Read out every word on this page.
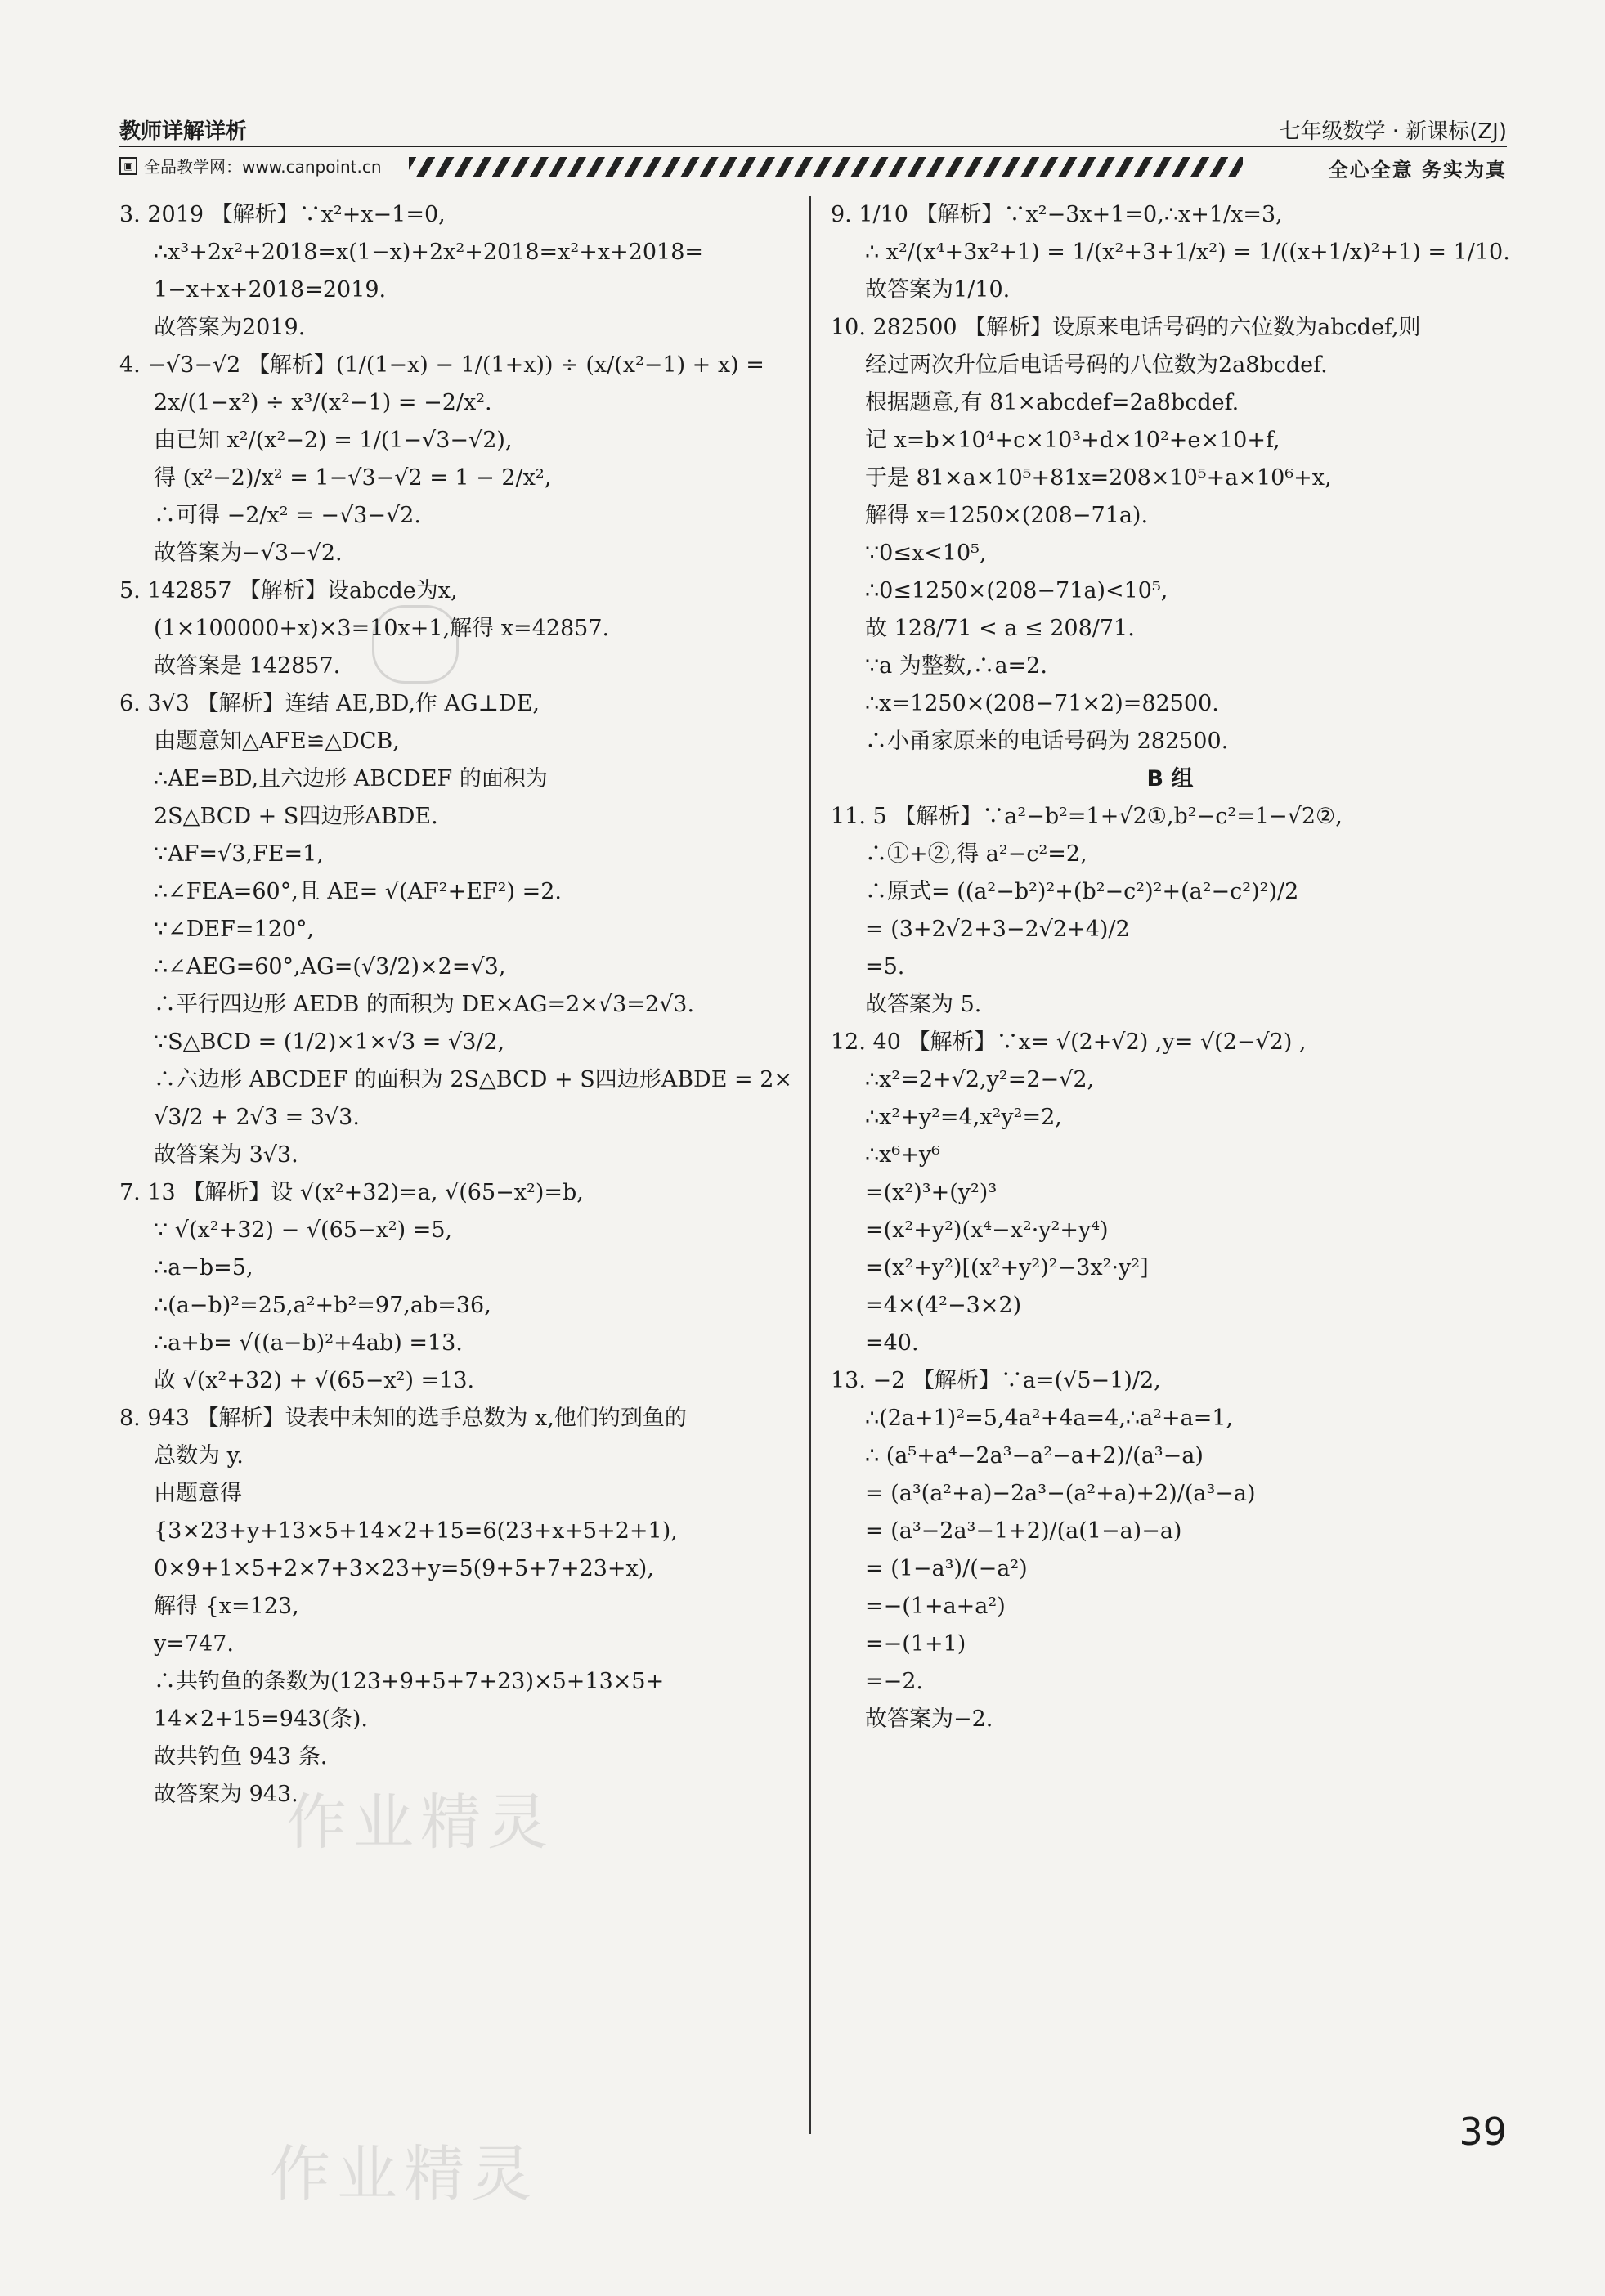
教师详解详析
▣ 全品教学网：www.canpoint.cn
七年级数学 · 新课标(ZJ)
全心全意 务实为真
3. 2019 【解析】∵x²+x−1=0,
∴x³+2x²+2018=x(1−x)+2x²+2018=x²+x+2018=
1−x+x+2018=2019.
故答案为2019.
4. −√3−√2 【解析】(1/(1−x) − 1/(1+x)) ÷ (x/(x²−1) + x) =
2x/(1−x²) ÷ x³/(x²−1) = −2/x².
由已知 x²/(x²−2) = 1/(1−√3−√2),
得 (x²−2)/x² = 1−√3−√2 = 1 − 2/x²,
∴可得 −2/x² = −√3−√2.
故答案为−√3−√2.
5. 142857 【解析】设abcde为x,
(1×100000+x)×3=10x+1,解得 x=42857.
故答案是 142857.
6. 3√3 【解析】连结 AE,BD,作 AG⊥DE,
由题意知△AFE≌△DCB,
∴AE=BD,且六边形 ABCDEF 的面积为
2S△BCD + S四边形ABDE.
∵AF=√3,FE=1,
∴∠FEA=60°,且 AE= √(AF²+EF²) =2.
∵∠DEF=120°,
∴∠AEG=60°,AG=(√3/2)×2=√3,
∴平行四边形 AEDB 的面积为 DE×AG=2×√3=2√3.
∵S△BCD = (1/2)×1×√3 = √3/2,
∴六边形 ABCDEF 的面积为 2S△BCD + S四边形ABDE = 2×
√3/2 + 2√3 = 3√3.
故答案为 3√3.
7. 13 【解析】设 √(x²+32)=a, √(65−x²)=b,
∵ √(x²+32) − √(65−x²) =5,
∴a−b=5,
∴(a−b)²=25,a²+b²=97,ab=36,
∴a+b= √((a−b)²+4ab) =13.
故 √(x²+32) + √(65−x²) =13.
8. 943 【解析】设表中未知的选手总数为 x,他们钓到鱼的
总数为 y.
由题意得
{3×23+y+13×5+14×2+15=6(23+x+5+2+1),
0×9+1×5+2×7+3×23+y=5(9+5+7+23+x),
解得 {x=123,
y=747.
∴共钓鱼的条数为(123+9+5+7+23)×5+13×5+
14×2+15=943(条).
故共钓鱼 943 条.
故答案为 943.
9. 1/10 【解析】∵x²−3x+1=0,∴x+1/x=3,
∴ x²/(x⁴+3x²+1) = 1/(x²+3+1/x²) = 1/((x+1/x)²+1) = 1/10.
故答案为1/10.
10. 282500 【解析】设原来电话号码的六位数为abcdef,则
经过两次升位后电话号码的八位数为2a8bcdef.
根据题意,有 81×abcdef=2a8bcdef.
记 x=b×10⁴+c×10³+d×10²+e×10+f,
于是 81×a×10⁵+81x=208×10⁵+a×10⁶+x,
解得 x=1250×(208−71a).
∵0≤x<10⁵,
∴0≤1250×(208−71a)<10⁵,
故 128/71 < a ≤ 208/71.
∵a 为整数,∴a=2.
∴x=1250×(208−71×2)=82500.
∴小甬家原来的电话号码为 282500.
B 组
11. 5 【解析】∵a²−b²=1+√2①,b²−c²=1−√2②,
∴①+②,得 a²−c²=2,
∴原式= ((a²−b²)²+(b²−c²)²+(a²−c²)²)/2
= (3+2√2+3−2√2+4)/2
=5.
故答案为 5.
12. 40 【解析】∵x= √(2+√2) ,y= √(2−√2) ,
∴x²=2+√2,y²=2−√2,
∴x²+y²=4,x²y²=2,
∴x⁶+y⁶
=(x²)³+(y²)³
=(x²+y²)(x⁴−x²·y²+y⁴)
=(x²+y²)[(x²+y²)²−3x²·y²]
=4×(4²−3×2)
=40.
13. −2 【解析】∵a=(√5−1)/2,
∴(2a+1)²=5,4a²+4a=4,∴a²+a=1,
∴ (a⁵+a⁴−2a³−a²−a+2)/(a³−a)
= (a³(a²+a)−2a³−(a²+a)+2)/(a³−a)
= (a³−2a³−1+2)/(a(1−a)−a)
= (1−a³)/(−a²)
=−(1+a+a²)
=−(1+1)
=−2.
故答案为−2.
作业精灵
作业精灵
39
